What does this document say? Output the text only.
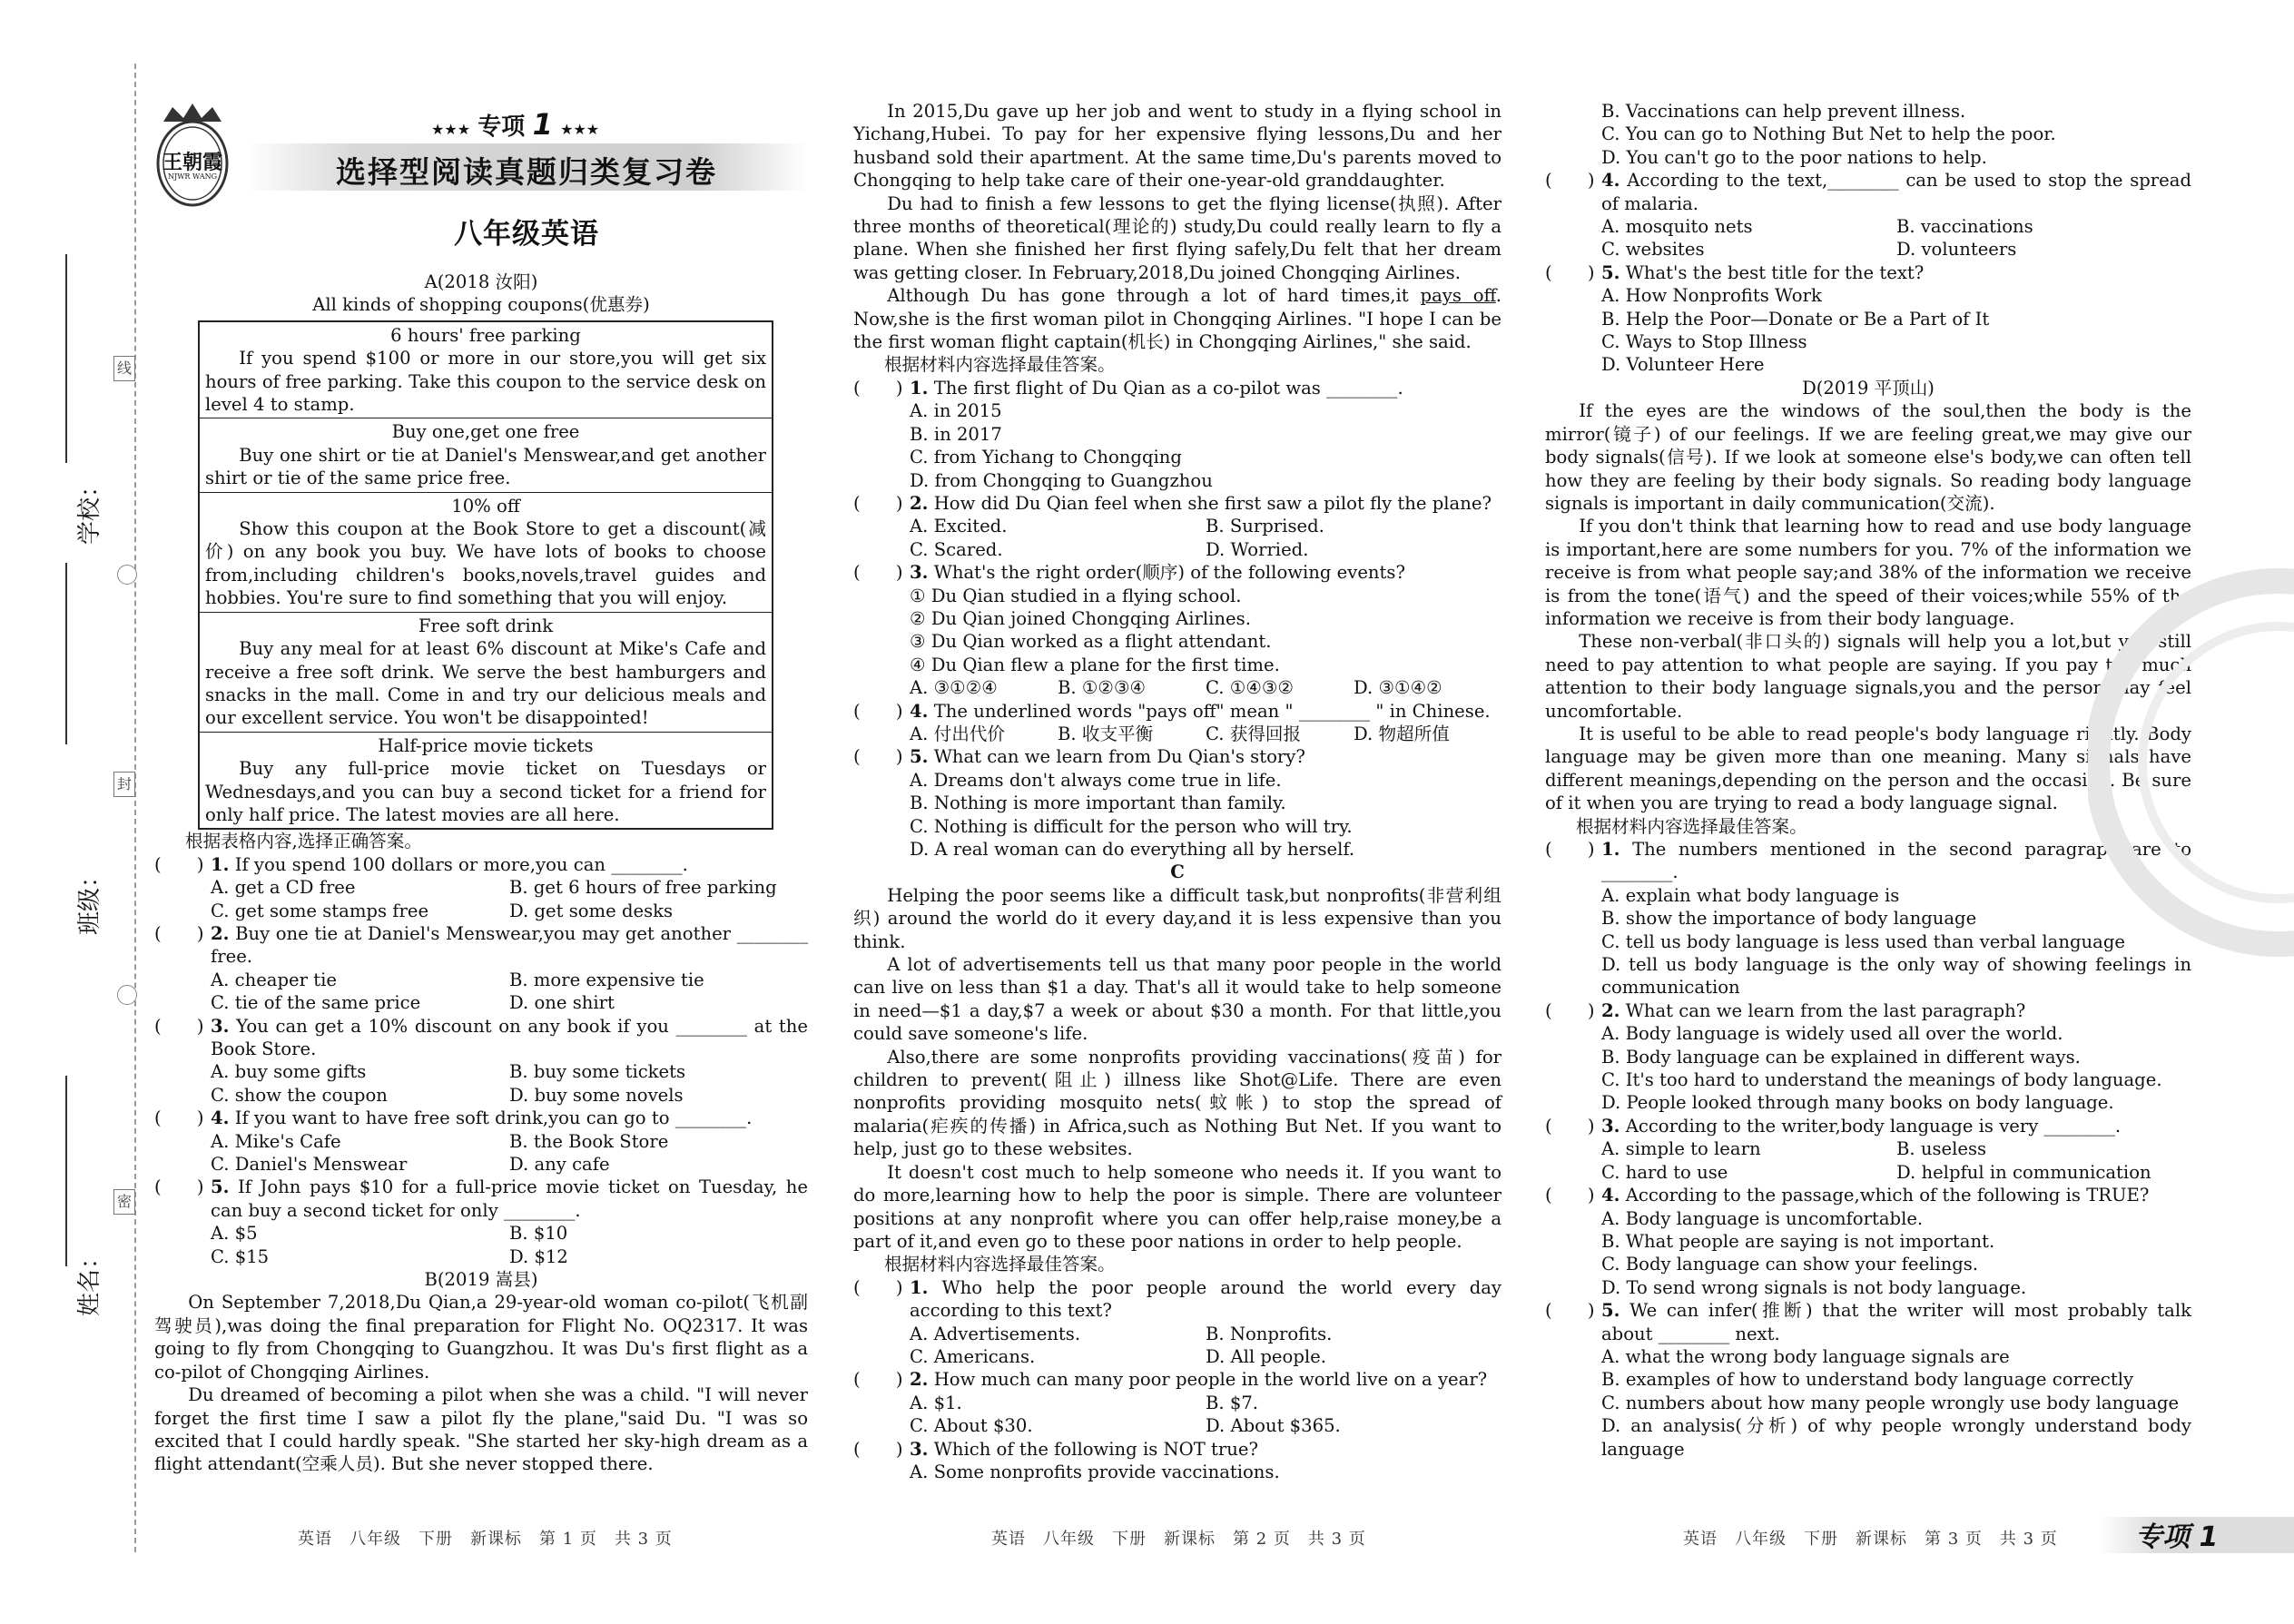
学校：
班级：
姓名：
线
封
密
王朝霞
NJWR WANG
★★★ 专项 1 ★★★
选择型阅读真题归类复习卷
八年级英语
A(2018 汝阳)
All kinds of shopping coupons(优惠券)
6 hours' free parking

If you spend $100 or more in our store,you will get six hours of free parking. Take this coupon to the service desk on level 4 to stamp.

Buy one,get one free

Buy one shirt or tie at Daniel's Menswear,and get another shirt or tie of the same price free.

10% off

Show this coupon at the Book Store to get a discount(减价) on any book you buy. We have lots of books to choose from,including children's books,novels,travel guides and hobbies. You're sure to find something that you will enjoy.

Free soft drink

Buy any meal for at least 6% discount at Mike's Cafe and receive a free soft drink. We serve the best hamburgers and snacks in the mall. Come in and try our delicious meals and our excellent service. You won't be disappointed!

Half-price movie tickets

Buy any full-price movie ticket on Tuesdays or Wednesdays,and you can buy a second ticket for a friend for only half price. The latest movies are all here.

根据表格内容,选择正确答案。
(　　) 1. If you spend 100 dollars or more,you can ________.
A. get a CD free	B. get 6 hours of free parking
C. get some stamps free	D. get some desks
(　　) 2. Buy one tie at Daniel's Menswear,you may get another ________ free.
A. cheaper tie	B. more expensive tie
C. tie of the same price	D. one shirt
(　　) 3. You can get a 10% discount on any book if you ________ at the Book Store.
A. buy some gifts	B. buy some tickets
C. show the coupon	D. buy some novels
(　　) 4. If you want to have free soft drink,you can go to ________.
A. Mike's Cafe	B. the Book Store
C. Daniel's Menswear	D. any cafe
(　　) 5. If John pays $10 for a full-price movie ticket on Tuesday, he can buy a second ticket for only ________.
A. $5	B. $10
C. $15	D. $12
B(2019 嵩县)

On September 7,2018,Du Qian,a 29-year-old woman co-pilot(飞机副驾驶员),was doing the final preparation for Flight No. OQ2317. It was going to fly from Chongqing to Guangzhou. It was Du's first flight as a co-pilot of Chongqing Airlines.

Du dreamed of becoming a pilot when she was a child. "I will never forget the first time I saw a pilot fly the plane,"said Du. "I was so excited that I could hardly speak. "She started her sky-high dream as a flight attendant(空乘人员). But she never stopped there.

In 2015,Du gave up her job and went to study in a flying school in Yichang,Hubei. To pay for her expensive flying lessons,Du and her husband sold their apartment. At the same time,Du's parents moved to Chongqing to help take care of their one-year-old granddaughter.

Du had to finish a few lessons to get the flying license(执照). After three months of theoretical(理论的) study,Du could really learn to fly a plane. When she finished her first flying safely,Du felt that her dream was getting closer. In February,2018,Du joined Chongqing Airlines.

Although Du has gone through a lot of hard times,it pays off. Now,she is the first woman pilot in Chongqing Airlines. "I hope I can be the first woman flight captain(机长) in Chongqing Airlines," she said.

根据材料内容选择最佳答案。
(　　) 1. The first flight of Du Qian as a co-pilot was ________.
A. in 2015
B. in 2017
C. from Yichang to Chongqing
D. from Chongqing to Guangzhou
(　　) 2. How did Du Qian feel when she first saw a pilot fly the plane?
A. Excited.	B. Surprised.
C. Scared.	D. Worried.
(　　) 3. What's the right order(顺序) of the following events?
① Du Qian studied in a flying school.
② Du Qian joined Chongqing Airlines.
③ Du Qian worked as a flight attendant.
④ Du Qian flew a plane for the first time.
A. ③①②④	B. ①②③④	C. ①④③②	D. ③①④②
(　　) 4. The underlined words "pays off" mean " ________ " in Chinese.
A. 付出代价	B. 收支平衡	C. 获得回报	D. 物超所值
(　　) 5. What can we learn from Du Qian's story?
A. Dreams don't always come true in life.
B. Nothing is more important than family.
C. Nothing is difficult for the person who will try.
D. A real woman can do everything all by herself.
C

Helping the poor seems like a difficult task,but nonprofits(非营利组织) around the world do it every day,and it is less expensive than you think.

A lot of advertisements tell us that many poor people in the world can live on less than $1 a day. That's all it would take to help someone in need—$1 a day,$7 a week or about $30 a month. For that little,you could save someone's life.

Also,there are some nonprofits providing vaccinations(疫苗) for children to prevent(阻止) illness like Shot@Life. There are even nonprofits providing mosquito nets(蚊帐) to stop the spread of malaria(疟疾的传播) in Africa,such as Nothing But Net. If you want to help, just go to these websites.

It doesn't cost much to help someone who needs it. If you want to do more,learning how to help the poor is simple. There are volunteer positions at any nonprofit where you can offer help,raise money,be a part of it,and even go to these poor nations in order to help people.

根据材料内容选择最佳答案。
(　　) 1. Who help the poor people around the world every day according to this text?
A. Advertisements.	B. Nonprofits.
C. Americans.	D. All people.
(　　) 2. How much can many poor people in the world live on a year?
A. $1.	B. $7.
C. About $30.	D. About $365.
(　　) 3. Which of the following is NOT true?
A. Some nonprofits provide vaccinations.
B. Vaccinations can help prevent illness.
C. You can go to Nothing But Net to help the poor.
D. You can't go to the poor nations to help.
(　　) 4. According to the text,________ can be used to stop the spread of malaria.
A. mosquito nets	B. vaccinations
C. websites	D. volunteers
(　　) 5. What's the best title for the text?
A. How Nonprofits Work
B. Help the Poor—Donate or Be a Part of It
C. Ways to Stop Illness
D. Volunteer Here
D(2019 平顶山)

If the eyes are the windows of the soul,then the body is the mirror(镜子) of our feelings. If we are feeling great,we may give our body signals(信号). If we look at someone else's body,we can often tell how they are feeling by their body signals. So reading body language signals is important in daily communication(交流).

If you don't think that learning how to read and use body language is important,here are some numbers for you. 7% of the information we receive is from what people say;and 38% of the information we receive is from the tone(语气) and the speed of their voices;while 55% of the information we receive is from their body language.

These non-verbal(非口头的) signals will help you a lot,but you still need to pay attention to what people are saying. If you pay too much attention to their body language signals,you and the person may feel uncomfortable.

It is useful to be able to read people's body language rightly. Body language may be given more than one meaning. Many signals have different meanings,depending on the person and the occasion. Be sure of it when you are trying to read a body language signal.

根据材料内容选择最佳答案。
(　　) 1. The numbers mentioned in the second paragraph are to ________.
A. explain what body language is
B. show the importance of body language
C. tell us body language is less used than verbal language
D. tell us body language is the only way of showing feelings in communication
(　　) 2. What can we learn from the last paragraph?
A. Body language is widely used all over the world.
B. Body language can be explained in different ways.
C. It's too hard to understand the meanings of body language.
D. People looked through many books on body language.
(　　) 3. According to the writer,body language is very ________.
A. simple to learn	B. useless
C. hard to use	D. helpful in communication
(　　) 4. According to the passage,which of the following is TRUE?
A. Body language is uncomfortable.
B. What people are saying is not important.
C. Body language can show your feelings.
D. To send wrong signals is not body language.
(　　) 5. We can infer(推断) that the writer will most probably talk about ________ next.
A. what the wrong body language signals are
B. examples of how to understand body language correctly
C. numbers about how many people wrongly use body language
D. an analysis(分析) of why people wrongly understand body language
英语　八年级　下册　新课标　第 1 页　共 3 页	英语　八年级　下册　新课标　第 2 页　共 3 页	英语　八年级　下册　新课标　第 3 页　共 3 页	专项 1
